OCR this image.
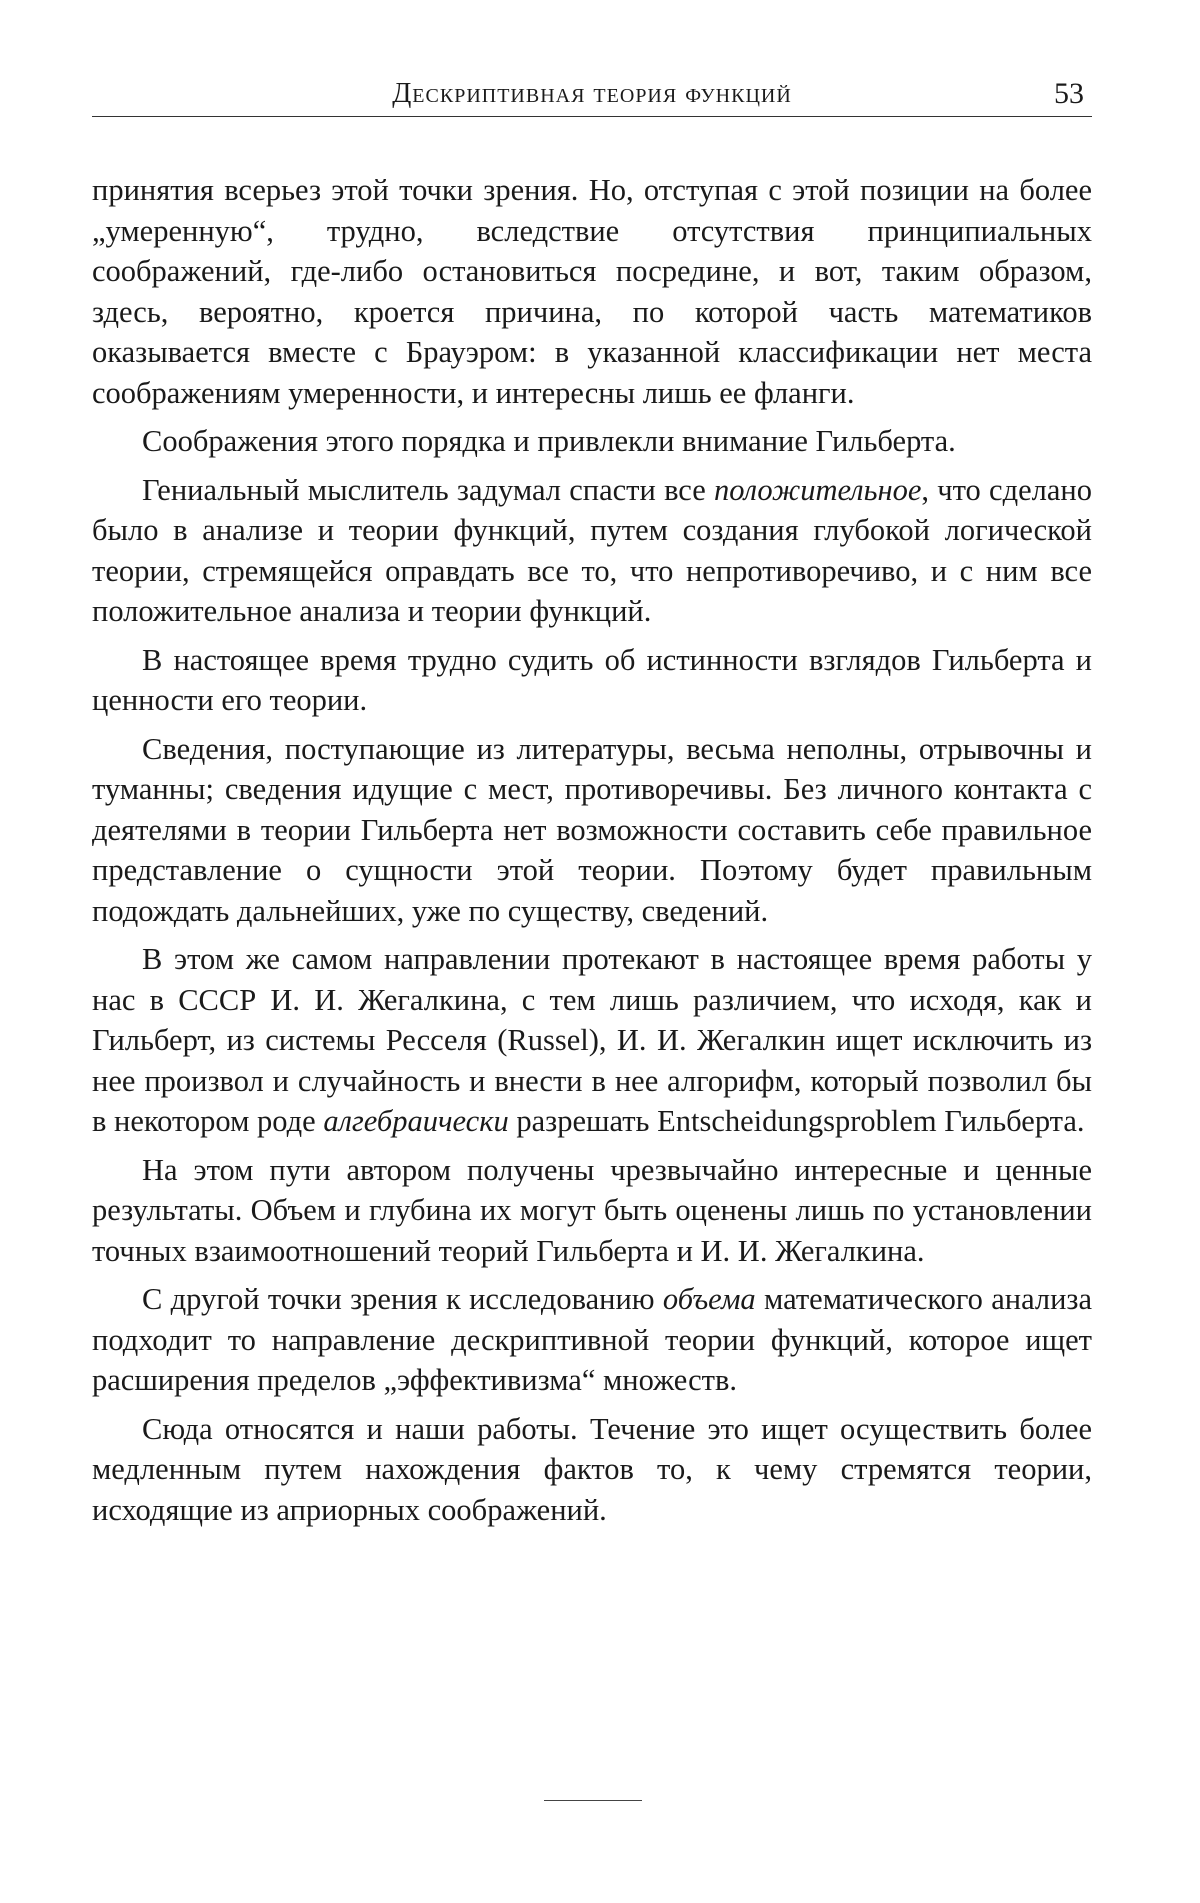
Дескриптивная теория функций	53

принятия всерьез этой точки зрения. Но, отступая с этой позиции на более „умеренную“, трудно, вследствие отсутствия принципиальных соображений, где-либо остановиться посредине, и вот, таким образом, здесь, вероятно, кроется причина, по которой часть математиков оказывается вместе с Брауэром: в указанной классификации нет места соображениям умеренности, и интересны лишь ее фланги.

Соображения этого порядка и привлекли внимание Гильберта.

Гениальный мыслитель задумал спасти все положительное, что сделано было в анализе и теории функций, путем создания глубокой логической теории, стремящейся оправдать все то, что непротиворечиво, и с ним все положительное анализа и теории функций.

В настоящее время трудно судить об истинности взглядов Гильберта и ценности его теории.

Сведения, поступающие из литературы, весьма неполны, отрывочны и туманны; сведения идущие с мест, противоречивы. Без личного контакта с деятелями в теории Гильберта нет возможности составить себе правильное представление о сущности этой теории. Поэтому будет правильным подождать дальнейших, уже по существу, сведений.

В этом же самом направлении протекают в настоящее время работы у нас в СССР И. И. Жегалкина, с тем лишь различием, что исходя, как и Гильберт, из системы Ресселя (Russel), И. И. Жегалкин ищет исключить из нее произвол и случайность и внести в нее алгорифм, который позволил бы в некотором роде алгебраически разрешать Entscheidungsproblem Гильберта.

На этом пути автором получены чрезвычайно интересные и ценные результаты. Объем и глубина их могут быть оценены лишь по установлении точных взаимоотношений теорий Гильберта и И. И. Жегалкина.

С другой точки зрения к исследованию объема математического анализа подходит то направление дескриптивной теории функций, которое ищет расширения пределов „эффективизма“ множеств.

Сюда относятся и наши работы. Течение это ищет осуществить более медленным путем нахождения фактов то, к чему стремятся теории, исходящие из априорных соображений.
